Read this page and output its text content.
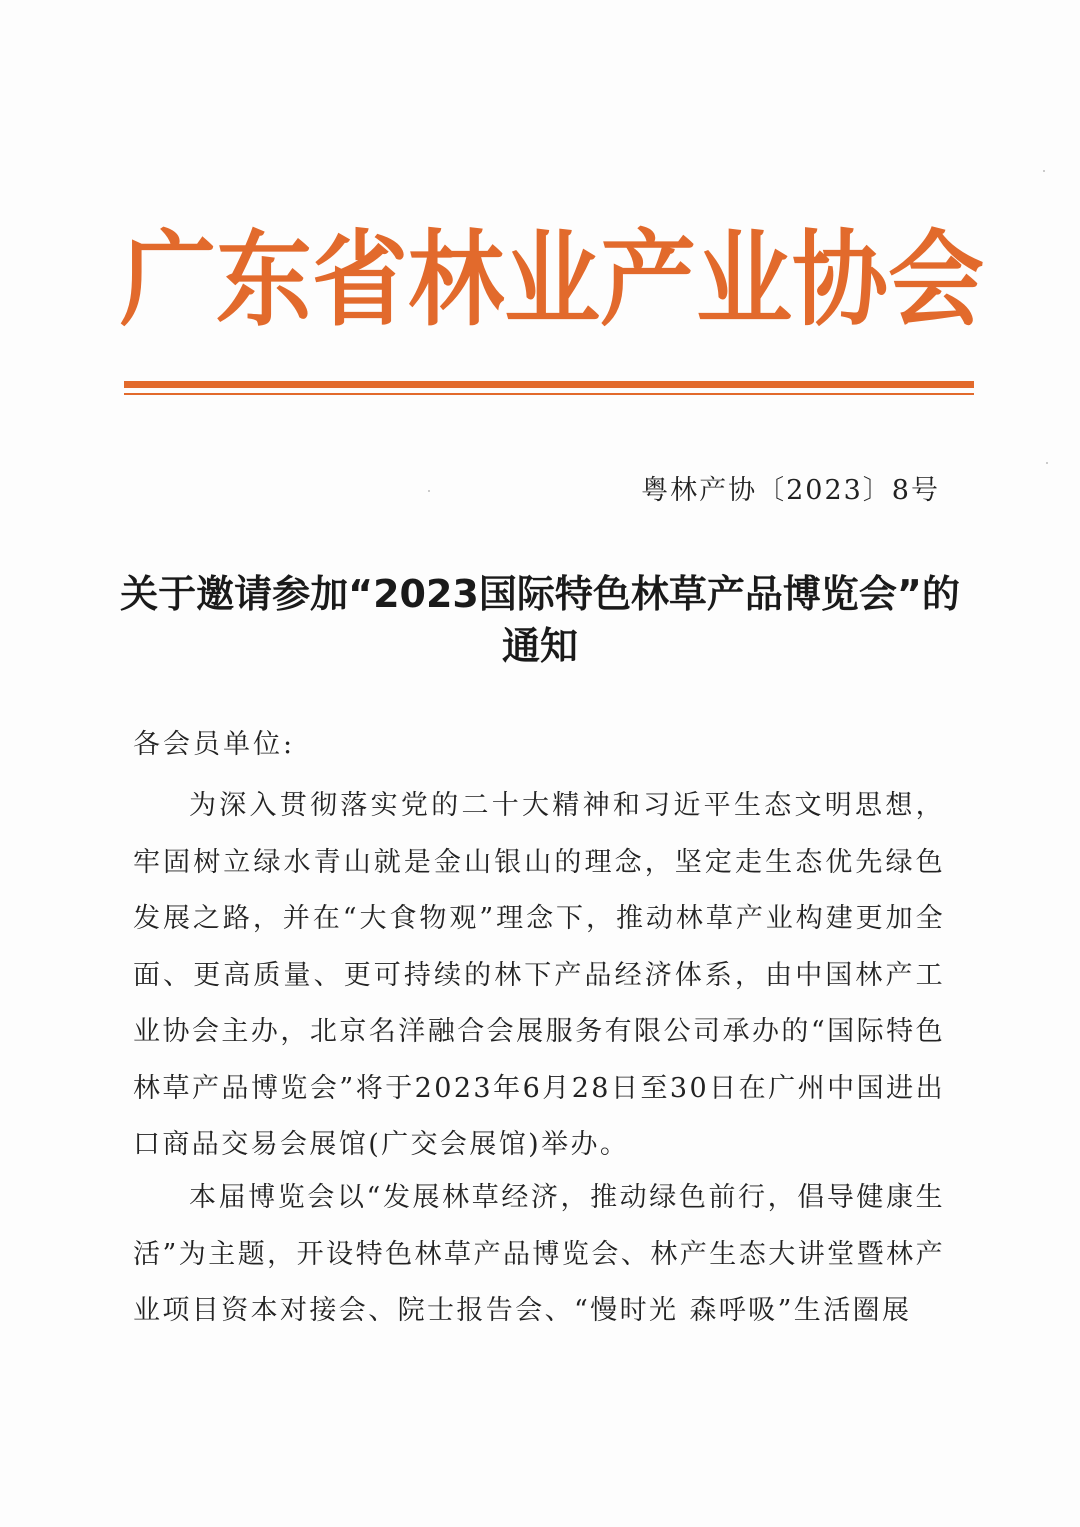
广 东 省 林 业 产 业 协 会
粤林产协〔2023〕8号
关于邀请参加“2023国际特色林草产品博览会”的通知
各会员单位:

为深入贯彻落实党的二十大精神和习近平生态文明思想，牢固树立绿水青山就是金山银山的理念，坚定走生态优先绿色发展之路，并在“大食物观”理念下，推动林草产业构建更加全面、更高质量、更可持续的林下产品经济体系，由中国林产工业协会主办，北京名洋融合会展服务有限公司承办的“国际特色林草产品博览会”将于2023年6月28日至30日在广州中国进出口商品交易会展馆(广交会展馆)举办。

本届博览会以“发展林草经济，推动绿色前行，倡导健康生活”为主题，开设特色林草产品博览会、林产生态大讲堂暨林产业项目资本对接会、院士报告会、“慢时光 森呼吸”生活圈展
